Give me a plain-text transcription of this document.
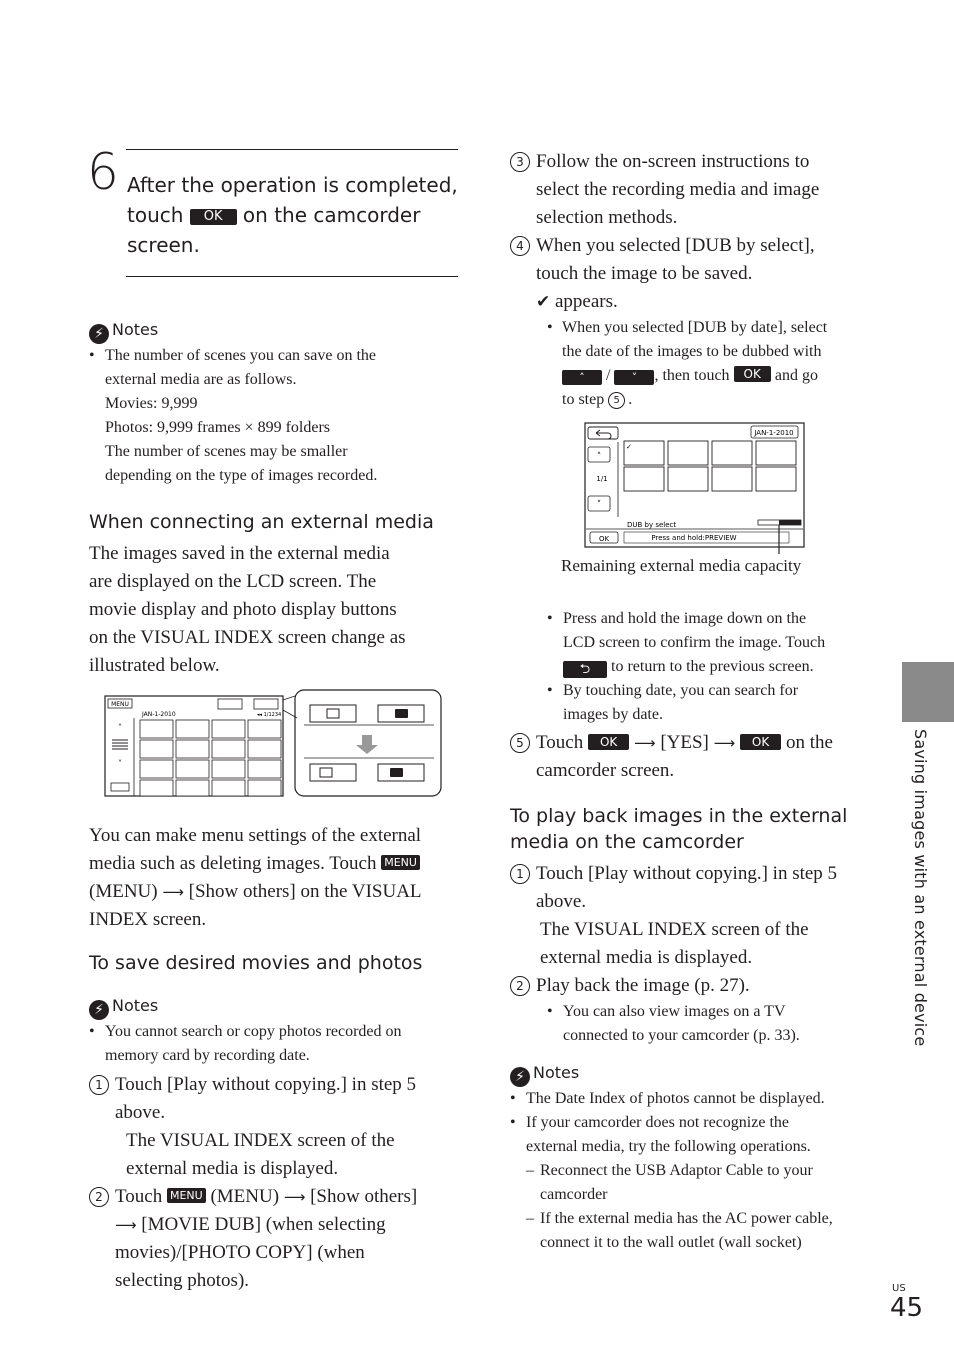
6 After the operation is completed,
touch OK on the camcorder
screen.
⚡ Notes
• The number of scenes you can save on the
external media are as follows.
Movies: 9,999
Photos: 9,999 frames × 899 folders
The number of scenes may be smaller
depending on the type of images recorded.
When connecting an external media
The images saved in the external media
are displayed on the LCD screen. The
movie display and photo display buttons
on the VISUAL INDEX screen change as
illustrated below.
MENU
JAN-1-2010	◂◂ 1/1234
˄
˅
You can make menu settings of the external
media such as deleting images. Touch MENU
(MENU) ⟶ [Show others] on the VISUAL
INDEX screen.
To save desired movies and photos
⚡ Notes
• You cannot search or copy photos recorded on
memory card by recording date.
1 Touch [Play without copying.] in step 5
above.
The VISUAL INDEX screen of the
external media is displayed.
2 Touch MENU (MENU) ⟶ [Show others]
⟶ [MOVIE DUB] (when selecting
movies)/[PHOTO COPY] (when
selecting photos).
3 Follow the on-screen instructions to
select the recording media and image
selection methods.
4 When you selected [DUB by select],
touch the image to be saved.
✔ appears.
• When you selected [DUB by date], select
the date of the images to be dubbed with
˄ / ˅ , then touch OK and go
to step 5 .
JAN-1-2010
˄
1/1
˅
✓
DUB by select
OK	Press and hold:PREVIEW
Remaining external media capacity
• Press and hold the image down on the
LCD screen to confirm the image. Touch
⮌ to return to the previous screen.
• By touching date, you can search for
images by date.
5 Touch OK ⟶ [YES] ⟶ OK on the
camcorder screen.
To play back images in the external
media on the camcorder
1 Touch [Play without copying.] in step 5
above.
The VISUAL INDEX screen of the
external media is displayed.
2 Play back the image (p. 27).
• You can also view images on a TV
connected to your camcorder (p. 33).
⚡ Notes
• The Date Index of photos cannot be displayed.
• If your camcorder does not recognize the
external media, try the following operations.
– Reconnect the USB Adaptor Cable to your
camcorder
– If the external media has the AC power cable,
connect it to the wall outlet (wall socket)
Saving images with an external device
US
45
